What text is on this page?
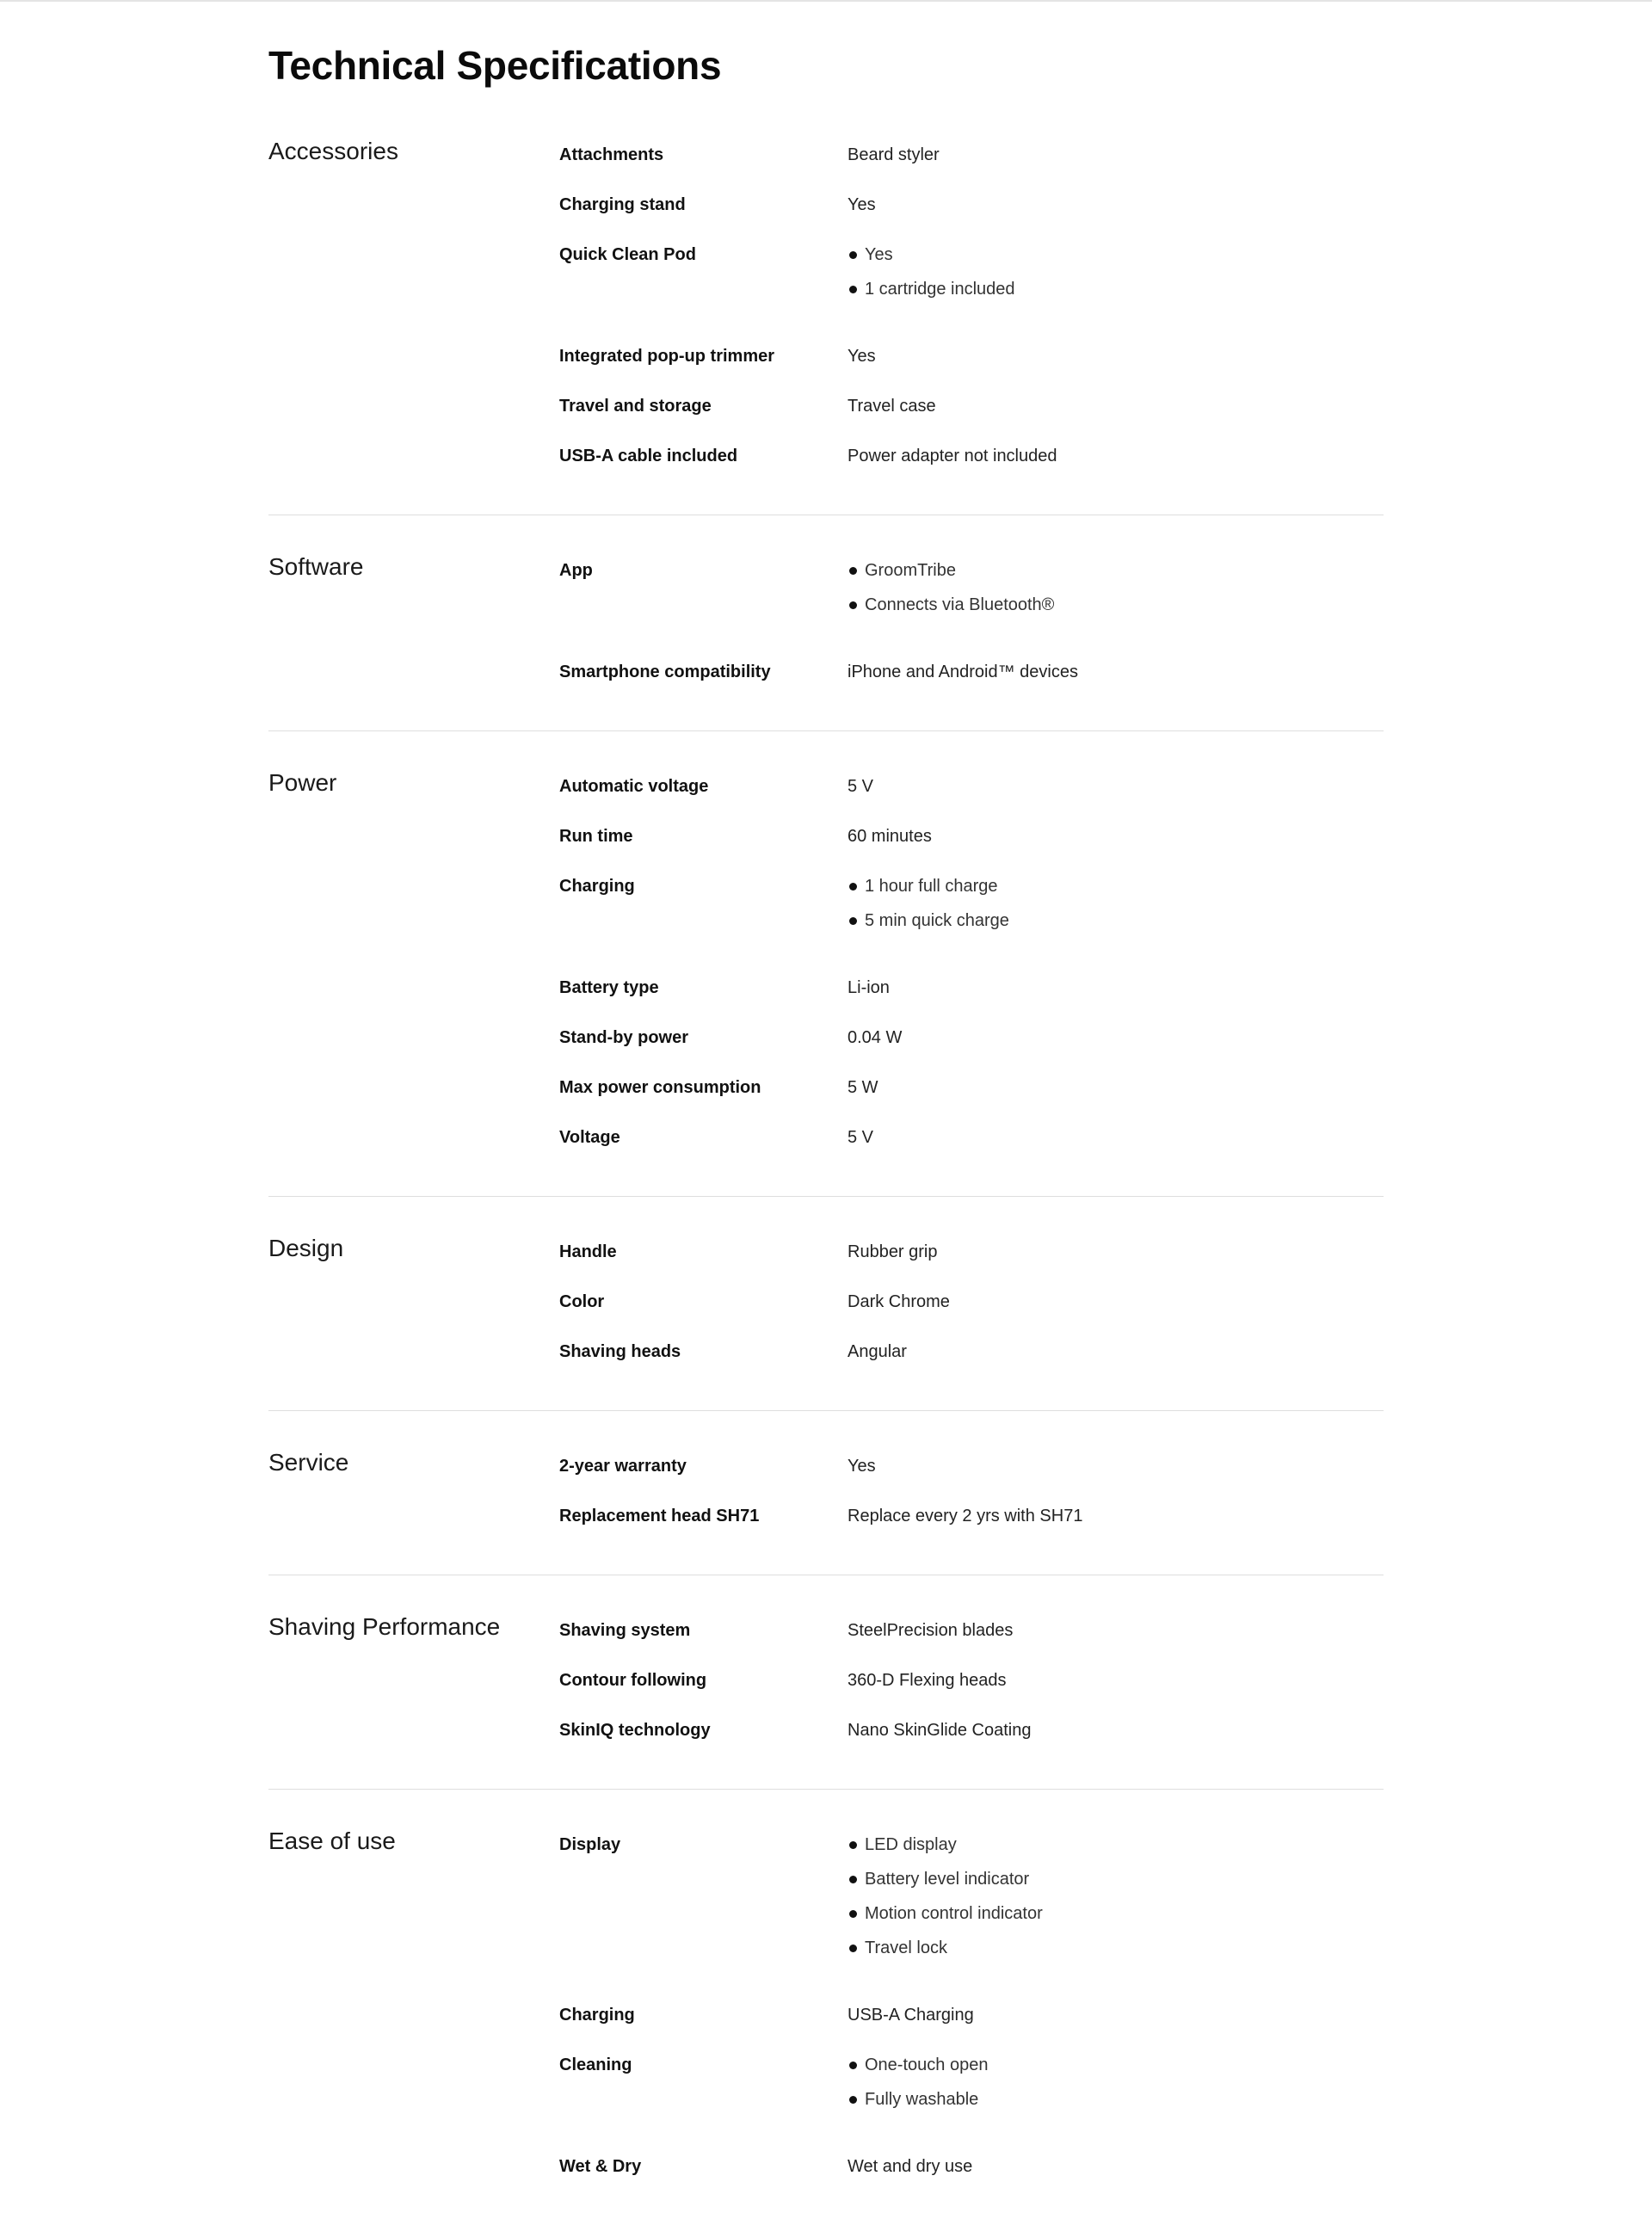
Technical Specifications
Accessories	Attachments	Beard styler
Charging stand	Yes
Quick Clean Pod	Yes
1 cartridge included
Integrated pop-up trimmer	Yes
Travel and storage	Travel case
USB-A cable included	Power adapter not included
Software	App	GroomTribe
Connects via Bluetooth®
Smartphone compatibility	iPhone and Android™ devices
Power	Automatic voltage	5 V
Run time	60 minutes
Charging	1 hour full charge
5 min quick charge
Battery type	Li-ion
Stand-by power	0.04 W
Max power consumption	5 W
Voltage	5 V
Design	Handle	Rubber grip
Color	Dark Chrome
Shaving heads	Angular
Service	2-year warranty	Yes
Replacement head SH71	Replace every 2 yrs with SH71
Shaving Performance	Shaving system	SteelPrecision blades
Contour following	360-D Flexing heads
SkinIQ technology	Nano SkinGlide Coating
Ease of use	Display	LED display
Battery level indicator
Motion control indicator
Travel lock
Charging	USB-A Charging
Cleaning	One-touch open
Fully washable
Wet & Dry	Wet and dry use
